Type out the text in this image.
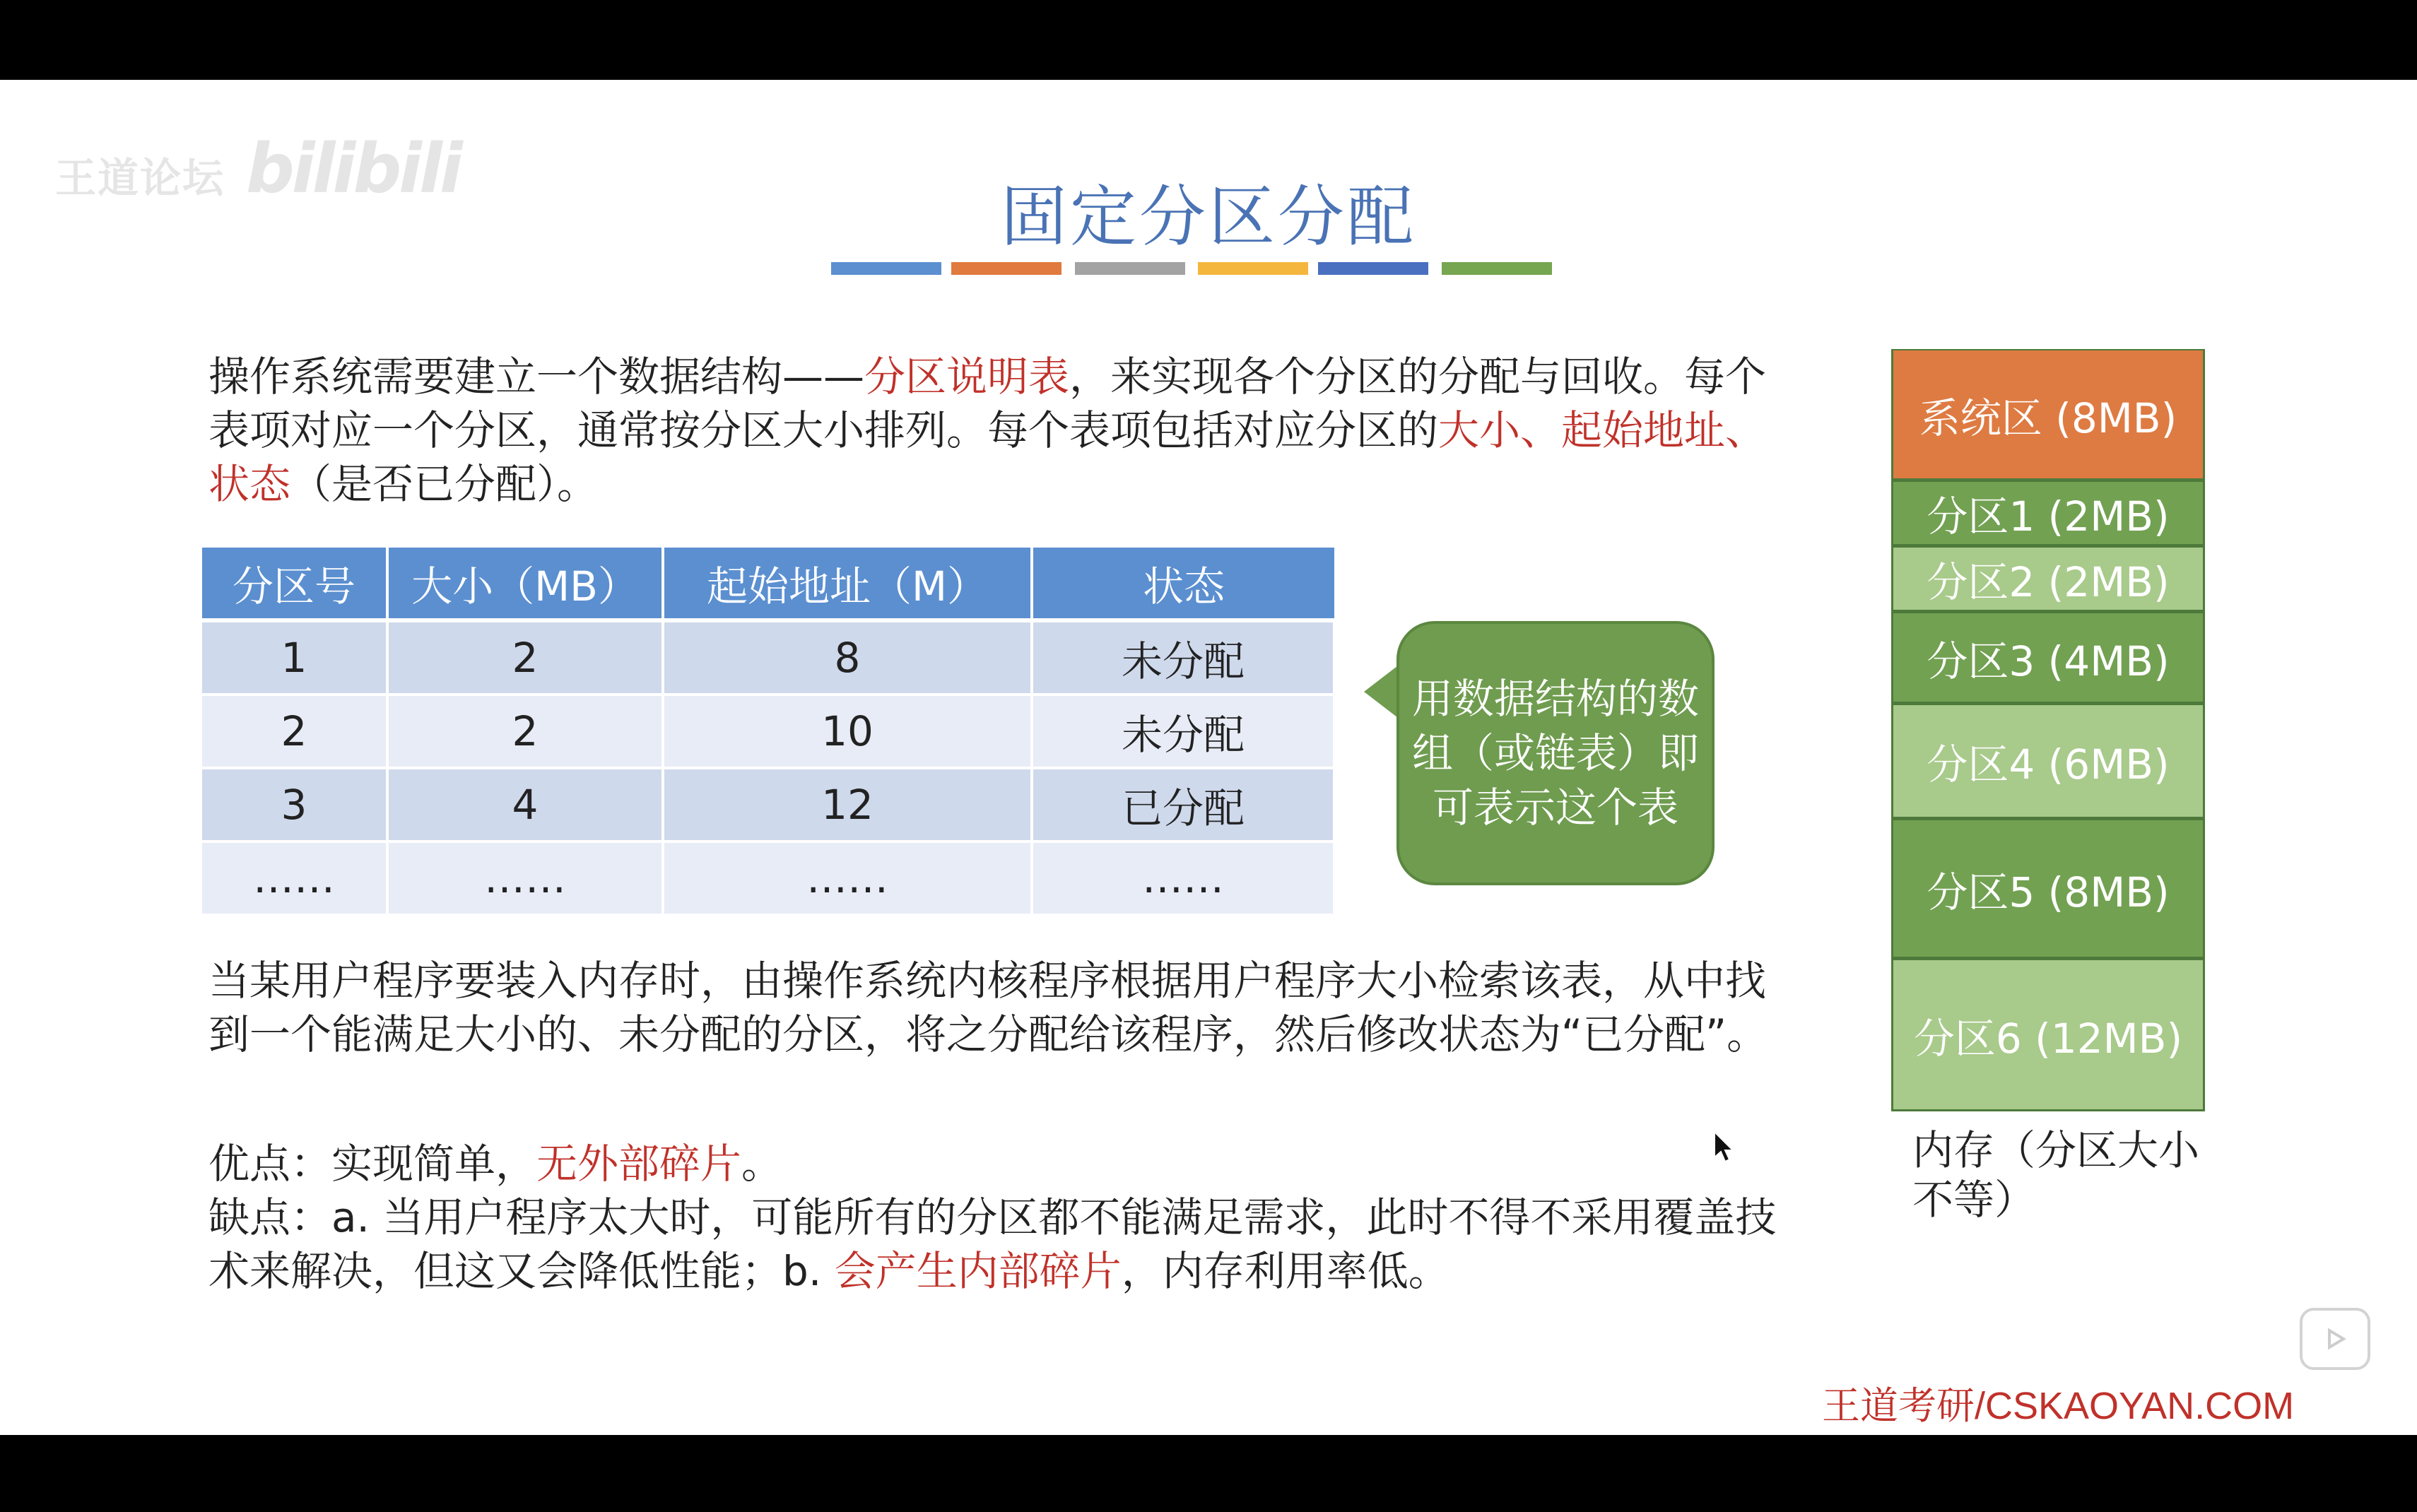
王道论坛 bilibili
固定分区分配
操作系统需要建立一个数据结构——分区说明表，来实现各个分区的分配与回收。每个表项对应一个分区，通常按分区大小排列。每个表项包括对应分区的大小、起始地址、状态（是否已分配）。
分区号	大小（MB）	起始地址（M）	状态
1	2	8	未分配
2	2	10	未分配
3	4	12	已分配
……	……	……	……
用数据结构的数组（或链表）即可表示这个表
当某用户程序要装入内存时，由操作系统内核程序根据用户程序大小检索该表，从中找到一个能满足大小的、未分配的分区，将之分配给该程序，然后修改状态为“已分配”。
优点：实现简单，无外部碎片。
缺点：a. 当用户程序太大时，可能所有的分区都不能满足需求，此时不得不采用覆盖技术来解决，但这又会降低性能；b. 会产生内部碎片，内存利用率低。
系统区 (8MB)
分区1 (2MB)
分区2 (2MB)
分区3 (4MB)
分区4 (6MB)
分区5 (8MB)
分区6 (12MB)
内存（分区大小不等）
王道考研/CSKAOYAN.COM
